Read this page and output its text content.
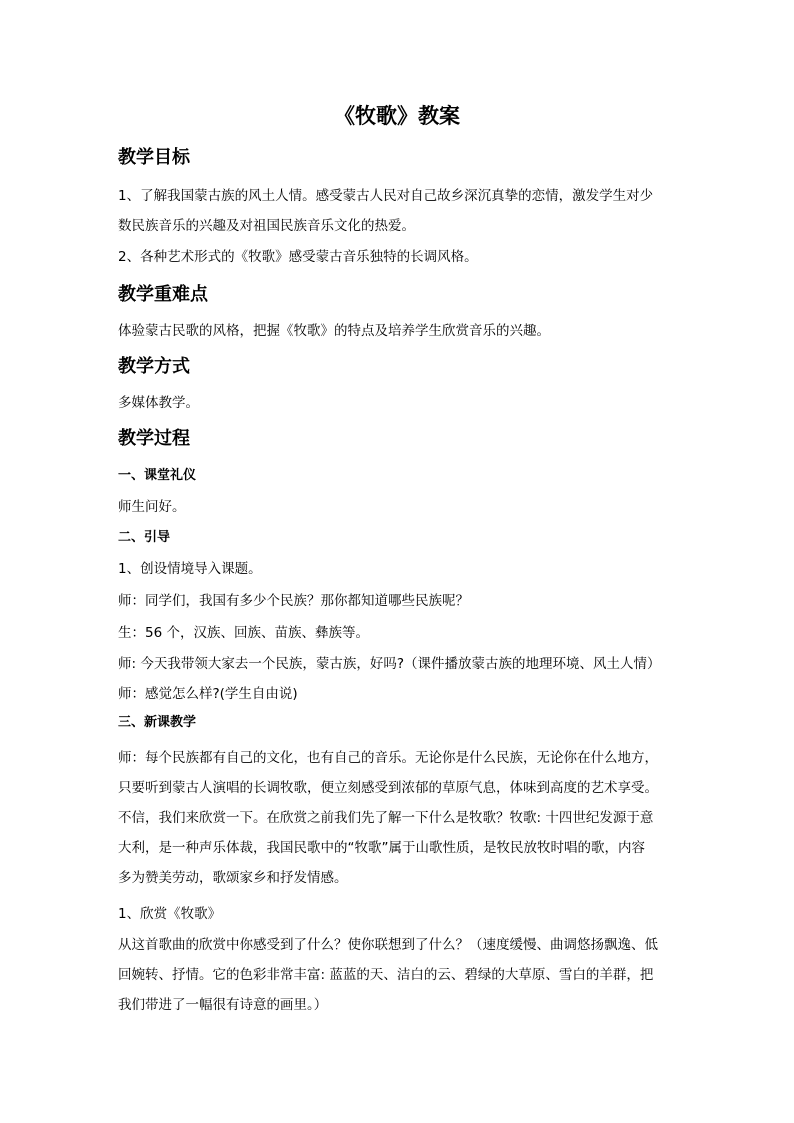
《牧歌》教案
教学目标
1、了解我国蒙古族的风土人情。感受蒙古人民对自己故乡深沉真挚的恋情，激发学生对少
数民族音乐的兴趣及对祖国民族音乐文化的热爱。

2、各种艺术形式的《牧歌》感受蒙古音乐独特的长调风格。

教学重难点

体验蒙古民歌的风格，把握《牧歌》的特点及培养学生欣赏音乐的兴趣。

教学方式

多媒体教学。

教学过程
一、课堂礼仪

师生问好。

二、引导

1、创设情境导入课题。

师：同学们，我国有多少个民族？那你都知道哪些民族呢？

生：56 个，汉族、回族、苗族、彝族等。

师: 今天我带领大家去一个民族，蒙古族，好吗?（课件播放蒙古族的地理环境、风土人情）

师：感觉怎么样?(学生自由说)

三、新课教学
师：每个民族都有自己的文化，也有自己的音乐。无论你是什么民族，无论你在什么地方，
只要听到蒙古人演唱的长调牧歌，便立刻感受到浓郁的草原气息，体味到高度的艺术享受。
不信，我们来欣赏一下。在欣赏之前我们先了解一下什么是牧歌？牧歌: 十四世纪发源于意
大利，是一种声乐体裁，我国民歌中的“牧歌”属于山歌性质，是牧民放牧时唱的歌，内容
多为赞美劳动，歌颂家乡和抒发情感。

1、欣赏《牧歌》

从这首歌曲的欣赏中你感受到了什么？使你联想到了什么？（速度缓慢、曲调悠扬飘逸、低
回婉转、抒情。它的色彩非常丰富: 蓝蓝的天、洁白的云、碧绿的大草原、雪白的羊群，把
我们带进了一幅很有诗意的画里。）
